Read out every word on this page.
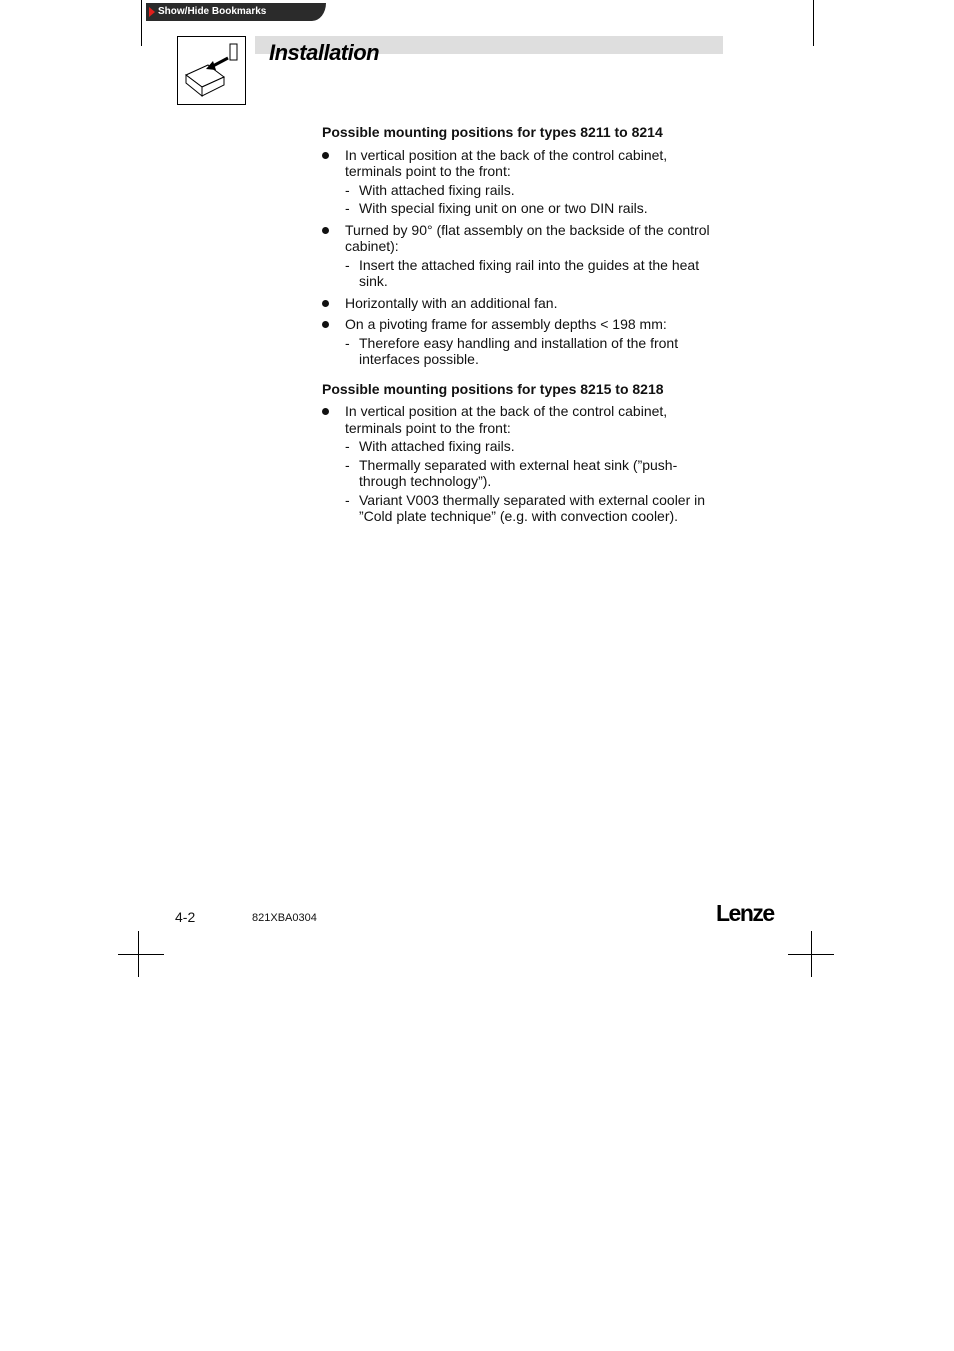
Show/Hide Bookmarks
Installation
Possible mounting positions for types 8211 to 8214
In vertical position at the back of the control cabinet, terminals point to the front:
- With attached fixing rails.
- With special fixing unit on one or two DIN rails.
Turned by 90° (flat assembly on the backside of the control cabinet):
- Insert the attached fixing rail into the guides at the heat sink.
Horizontally with an additional fan.
On a pivoting frame for assembly depths < 198 mm:
- Therefore easy handling and installation of the front interfaces possible.
Possible mounting positions for types 8215 to 8218
In vertical position at the back of the control cabinet, terminals point to the front:
- With attached fixing rails.
- Thermally separated with external heat sink (”push-through technology”).
- Variant V003 thermally separated with external cooler in ”Cold plate technique” (e.g. with convection cooler).
4-2	821XBA0304	Lenze
